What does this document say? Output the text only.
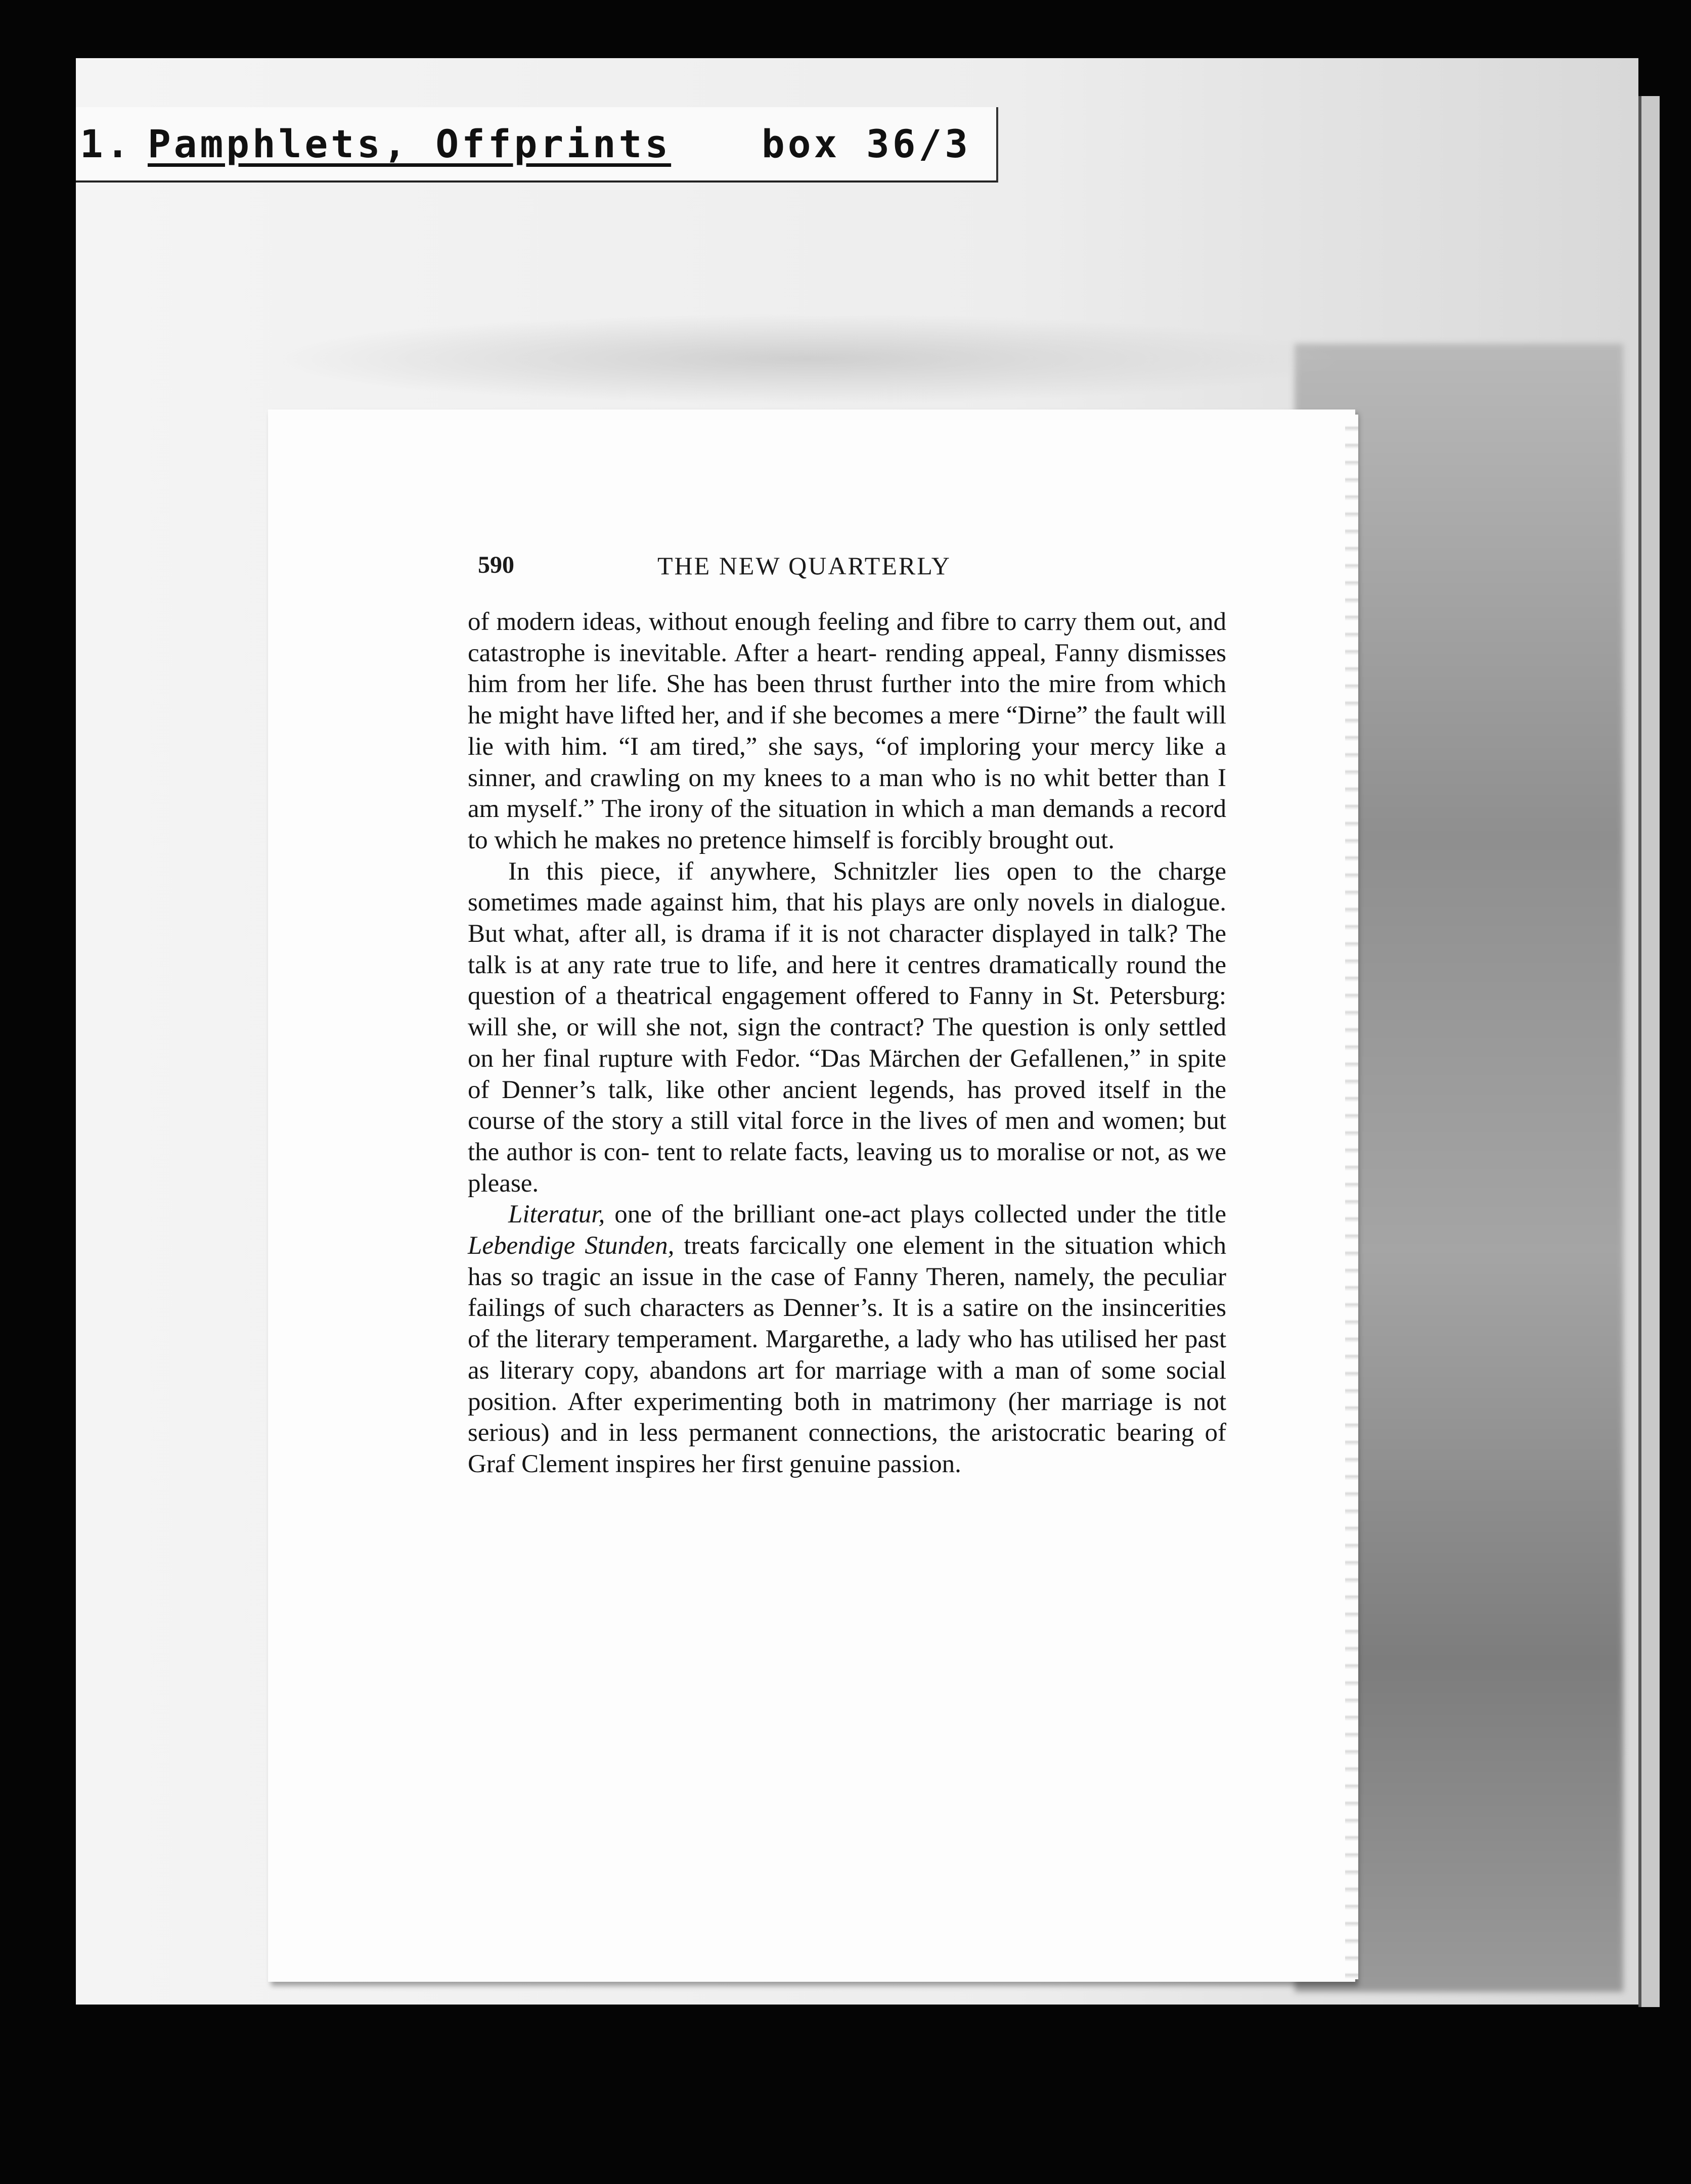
1. Pamphlets, Offprints box 36/3
590	THE NEW QUARTERLY

of modern ideas, without enough feeling and fibre to carry them out, and catastrophe is inevitable. After a heart- rending appeal, Fanny dismisses him from her life. She has been thrust further into the mire from which he might have lifted her, and if she becomes a mere “Dirne” the fault will lie with him. “I am tired,” she says, “of imploring your mercy like a sinner, and crawling on my knees to a man who is no whit better than I am myself.” The irony of the situation in which a man demands a record to which he makes no pretence himself is forcibly brought out.

In this piece, if anywhere, Schnitzler lies open to the charge sometimes made against him, that his plays are only novels in dialogue. But what, after all, is drama if it is not character displayed in talk? The talk is at any rate true to life, and here it centres dramatically round the question of a theatrical engagement offered to Fanny in St. Petersburg: will she, or will she not, sign the contract? The question is only settled on her final rupture with Fedor. “Das Märchen der Gefallenen,” in spite of Denner’s talk, like other ancient legends, has proved itself in the course of the story a still vital force in the lives of men and women; but the author is con- tent to relate facts, leaving us to moralise or not, as we please.

Literatur, one of the brilliant one-act plays collected under the title Lebendige Stunden, treats farcically one element in the situation which has so tragic an issue in the case of Fanny Theren, namely, the peculiar failings of such characters as Denner’s. It is a satire on the insincerities of the literary temperament. Margarethe, a lady who has utilised her past as literary copy, abandons art for marriage with a man of some social position. After experimenting both in matrimony (her marriage is not serious) and in less permanent connections, the aristocratic bearing of Graf Clement inspires her first genuine passion.
